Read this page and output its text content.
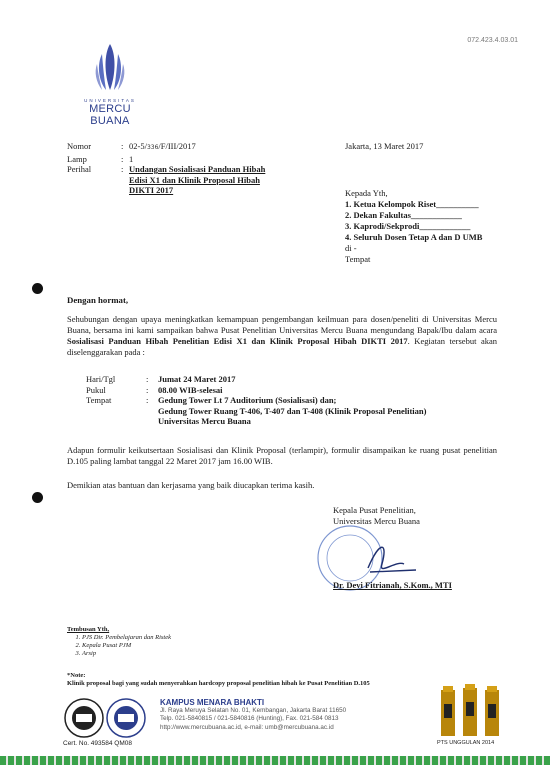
072.423.4.03.01
UNIVERSITAS
MERCU BUANA
Nomor	:	02-5/336/F/III/2017
Lamp	:	1
Perihal	:	Undangan Sosialisasi Panduan Hibah
Edisi X1 dan Klinik Proposal Hibah
DIKTI 2017
Jakarta, 13 Maret 2017
Kepada Yth,
1. Ketua Kelompok Riset__________
2. Dekan Fakultas____________
3. Kaprodi/Sekprodi____________
4. Seluruh Dosen Tetap A dan D UMB
di -
Tempat
Dengan hormat,
Sehubungan dengan upaya meningkatkan kemampuan pengembangan keilmuan para dosen/peneliti di Universitas Mercu Buana, bersama ini kami sampaikan bahwa Pusat Penelitian Universitas Mercu Buana mengundang Bapak/Ibu dalam acara Sosialisasi Panduan Hibah Penelitian Edisi X1 dan Klinik Proposal Hibah DIKTI 2017. Kegiatan tersebut akan diselenggarakan pada :
Hari/Tgl	:	Jumat 24 Maret 2017
Pukul	:	08.00 WIB-selesai
Tempat	:	Gedung Tower Lt 7 Auditorium (Sosialisasi) dan;
Gedung Tower Ruang T-406, T-407 dan T-408 (Klinik Proposal Penelitian)
Universitas Mercu Buana
Adapun formulir keikutsertaan Sosialisasi dan Klinik Proposal (terlampir), formulir disampaikan ke ruang pusat penelitian D.105 paling lambat tanggal 22 Maret 2017 jam 16.00 WIB.
Demikian atas bantuan dan kerjasama yang baik diucapkan terima kasih.
Kepala Pusat Penelitian,
Universitas Mercu Buana
Dr. Devi Fitrianah, S.Kom., MTI
Tembusan Yth,
1. PJS Dir. Pembelajaran dan Ristek
2. Kepala Pusat PJM
3. Arsip
*Note:
Klinik proposal bagi yang sudah menyerahkan hardcopy proposal penelitian hibah ke Pusat Penelitian D.105
Cert. No. 493584 QM08
KAMPUS MENARA BHAKTI
Jl. Raya Meruya Selatan No. 01, Kembangan, Jakarta Barat 11650
Telp. 021-5840815 / 021-5840816 (Hunting), Fax. 021-584 0813
http://www.mercubuana.ac.id, e-mail: umb@mercubuana.ac.id
PTS UNGGULAN 2014
